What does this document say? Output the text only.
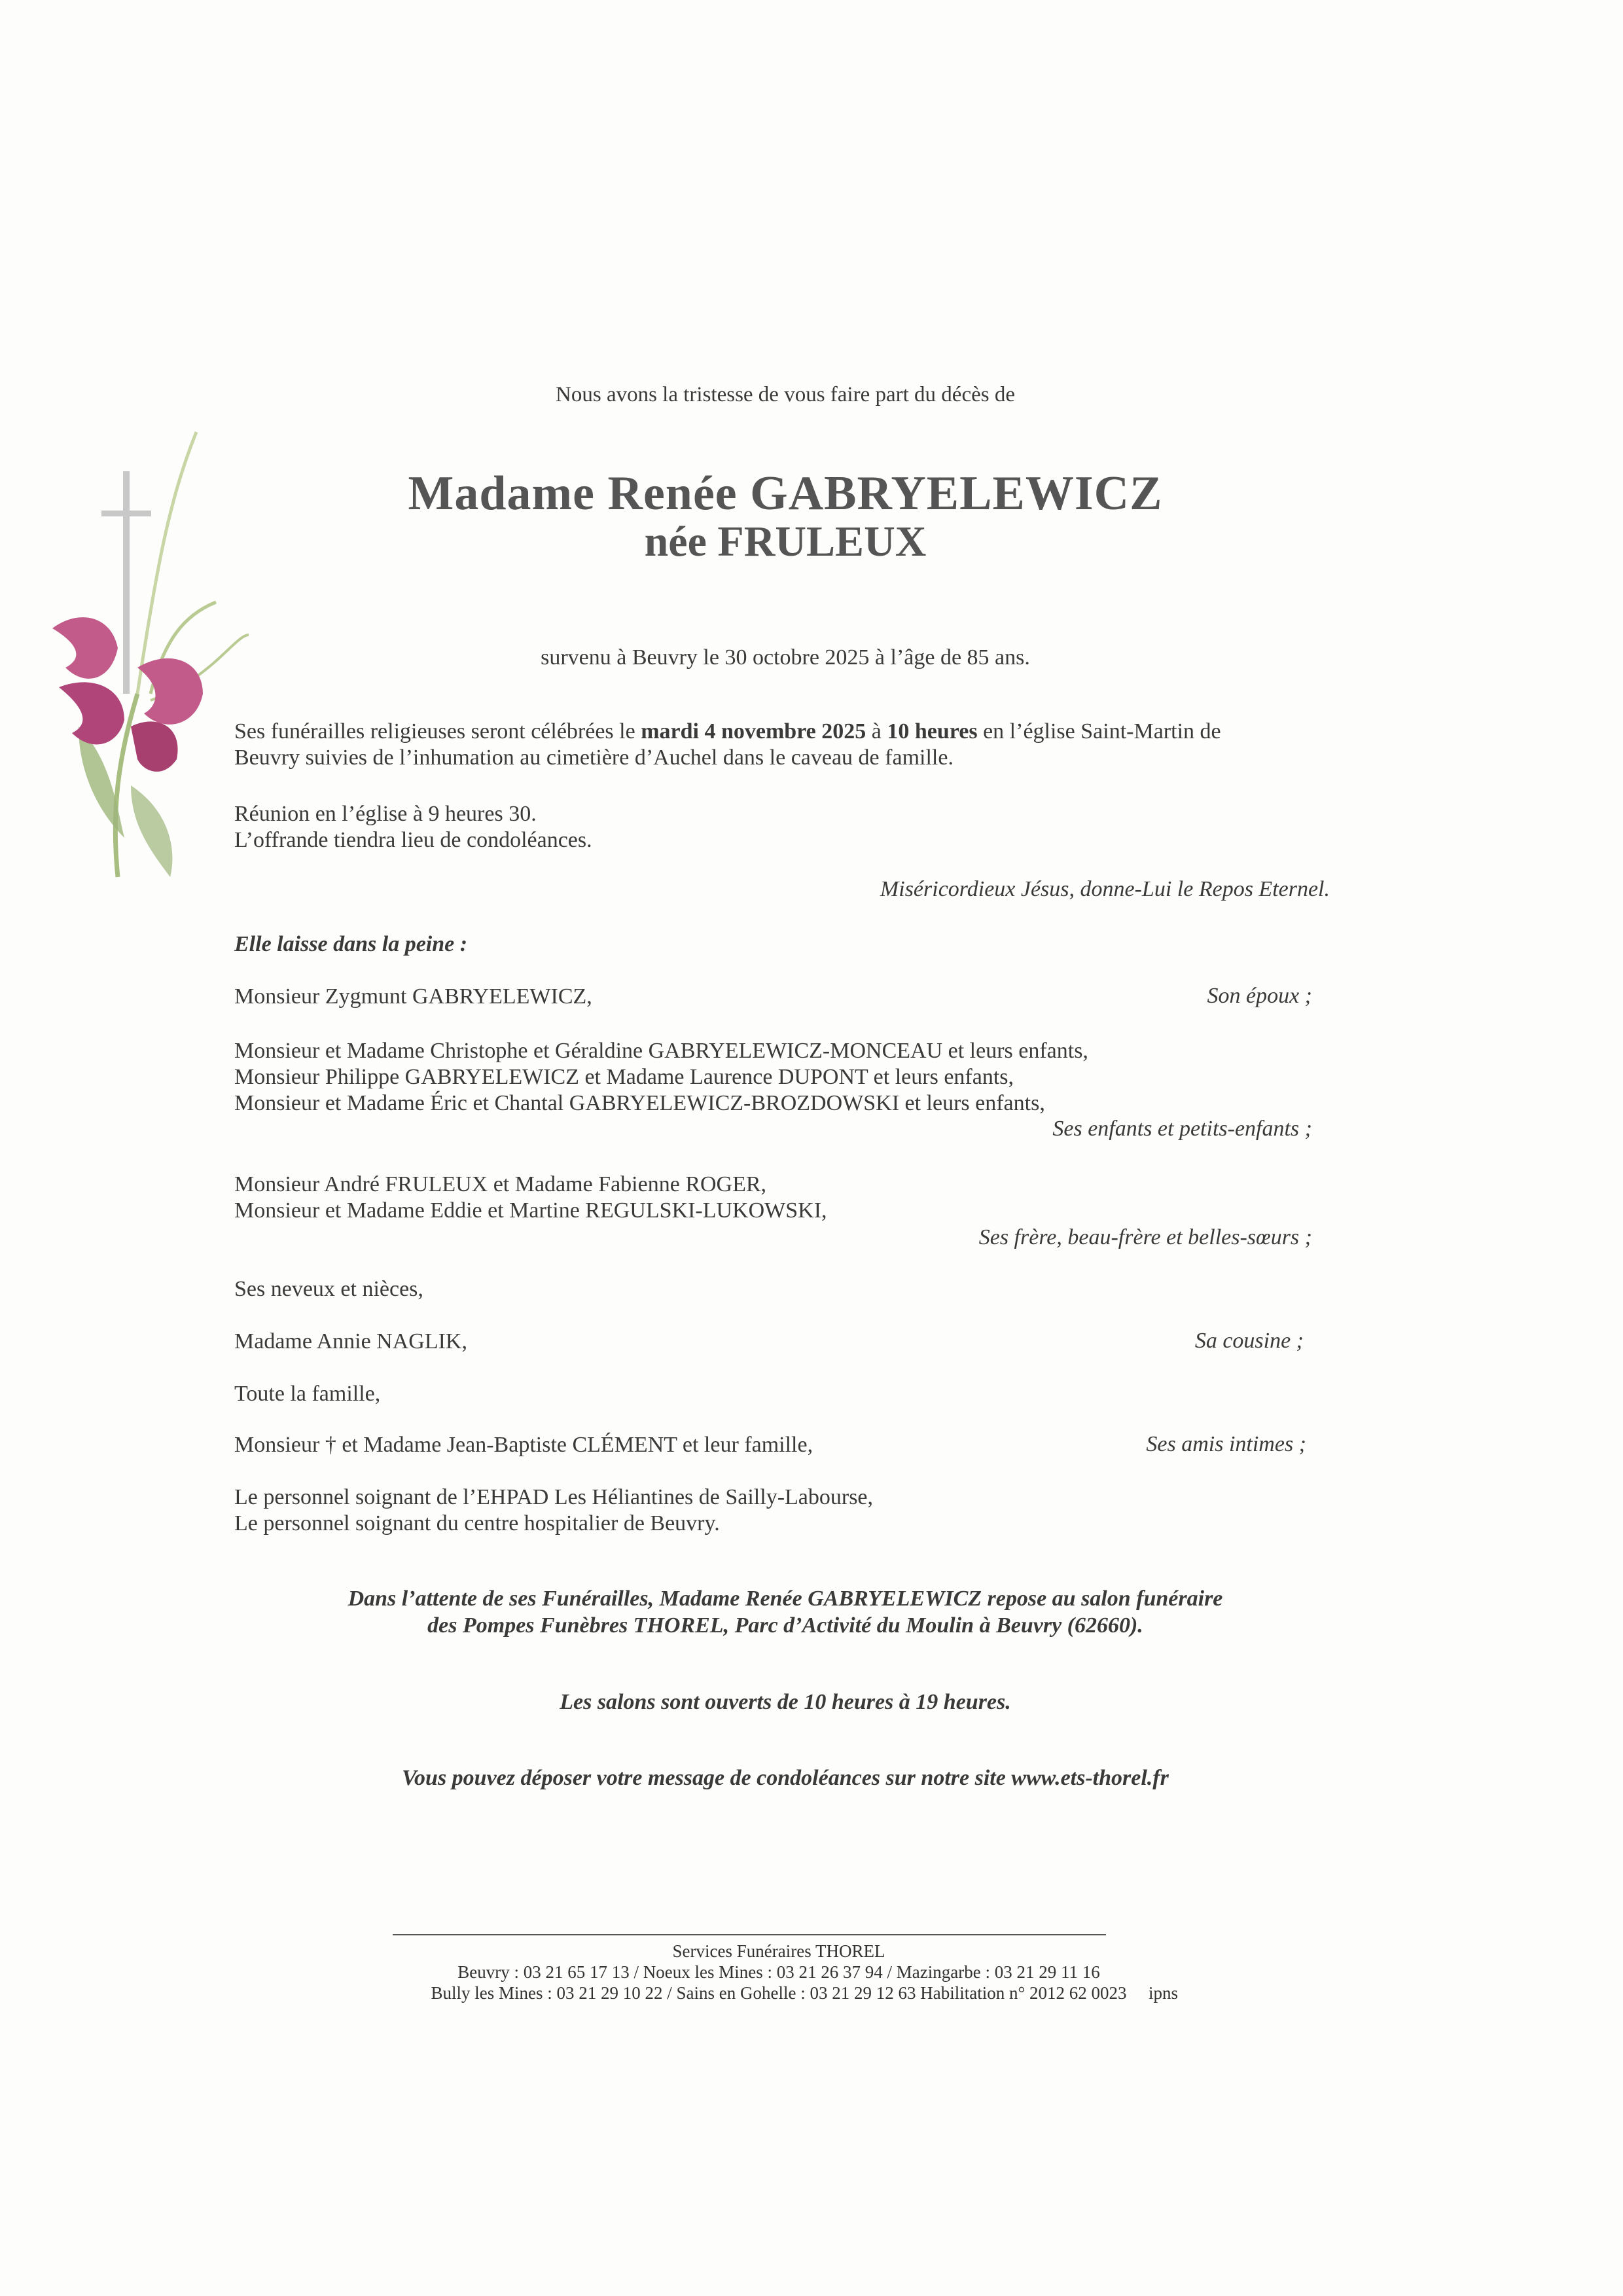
Nous avons la tristesse de vous faire part du décès de
Madame Renée GABRYELEWICZ
née FRULEUX
survenu à Beuvry le 30 octobre 2025 à l’âge de 85 ans.
Ses funérailles religieuses seront célébrées le mardi 4 novembre 2025 à 10 heures en l’église Saint-Martin de
Beuvry suivies de l’inhumation au cimetière d’Auchel dans le caveau de famille.
Réunion en l’église à 9 heures 30.
L’offrande tiendra lieu de condoléances.
Miséricordieux Jésus, donne-Lui le Repos Eternel.
Elle laisse dans la peine :
Monsieur Zygmunt GABRYELEWICZ,	Son époux ;
Monsieur et Madame Christophe et Géraldine GABRYELEWICZ-MONCEAU et leurs enfants,
Monsieur Philippe GABRYELEWICZ et Madame Laurence DUPONT et leurs enfants,
Monsieur et Madame Éric et Chantal GABRYELEWICZ-BROZDOWSKI et leurs enfants,
Ses enfants et petits-enfants ;
Monsieur André FRULEUX et Madame Fabienne ROGER,
Monsieur et Madame Eddie et Martine REGULSKI-LUKOWSKI,
Ses frère, beau-frère et belles-sœurs ;
Ses neveux et nièces,
Madame Annie NAGLIK,	Sa cousine ;
Toute la famille,
Monsieur † et Madame Jean-Baptiste CLÉMENT et leur famille,	Ses amis intimes ;
Le personnel soignant de l’EHPAD Les Héliantines de Sailly-Labourse,
Le personnel soignant du centre hospitalier de Beuvry.
Dans l’attente de ses Funérailles, Madame Renée GABRYELEWICZ repose au salon funéraire
des Pompes Funèbres THOREL, Parc d’Activité du Moulin à Beuvry (62660).
Les salons sont ouverts de 10 heures à 19 heures.
Vous pouvez déposer votre message de condoléances sur notre site www.ets-thorel.fr
Services Funéraires THOREL
Beuvry : 03 21 65 17 13 / Noeux les Mines : 03 21 26 37 94 / Mazingarbe : 03 21 29 11 16
Bully les Mines : 03 21 29 10 22 / Sains en Gohelle : 03 21 29 12 63 Habilitation n° 2012 62 0023	ipns
